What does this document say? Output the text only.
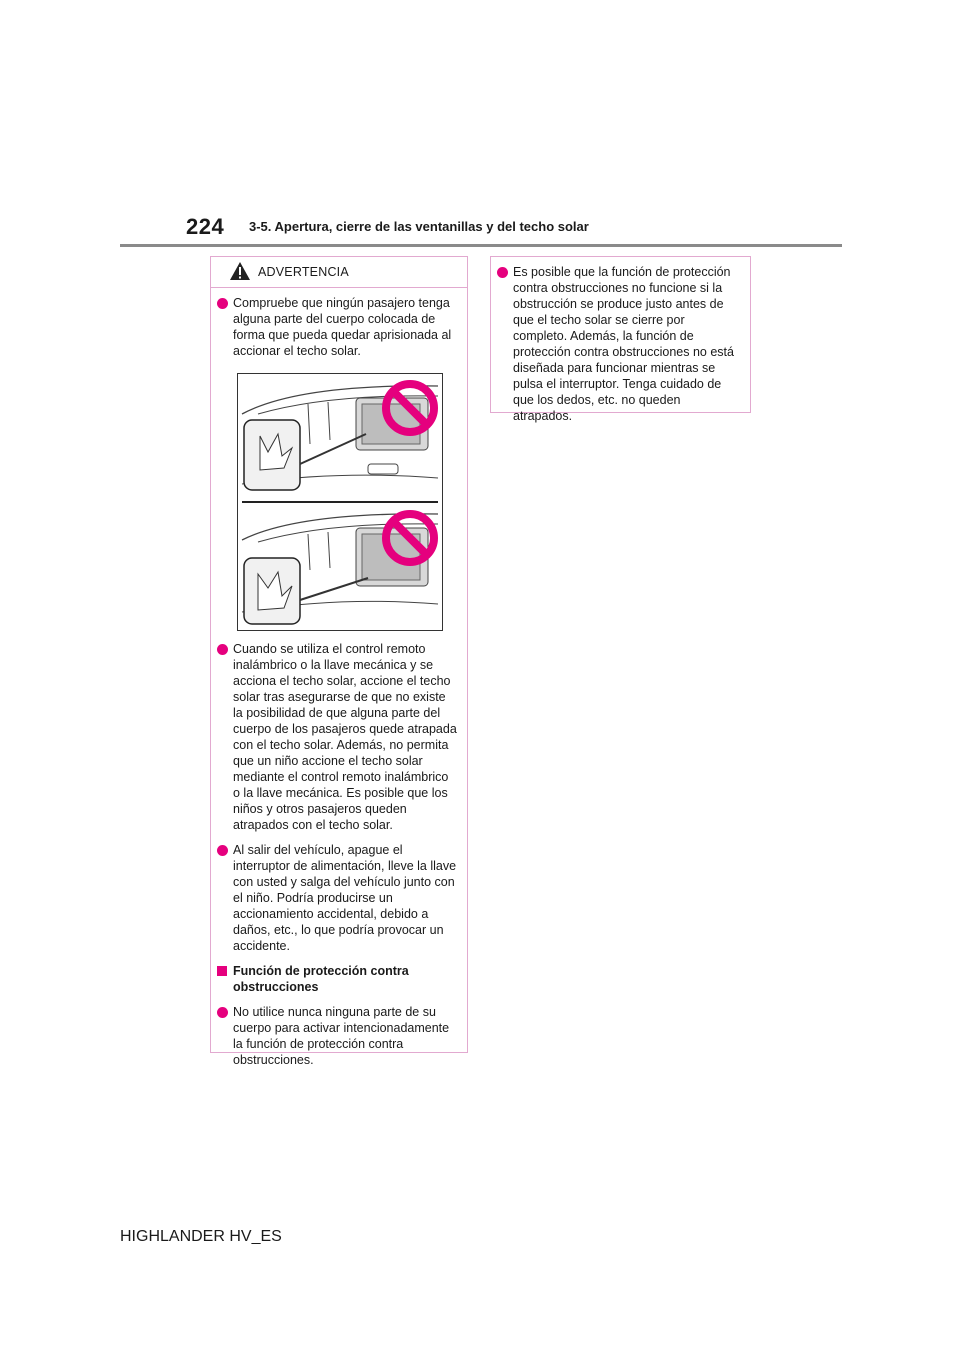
224 3-5. Apertura, cierre de las ventanillas y del techo solar
ADVERTENCIA
Compruebe que ningún pasajero tenga alguna parte del cuerpo colocada de forma que pueda quedar aprisionada al accionar el techo solar.
Cuando se utiliza el control remoto inalámbrico o la llave mecánica y se acciona el techo solar, accione el techo solar tras asegurarse de que no existe la posibilidad de que alguna parte del cuerpo de los pasajeros quede atrapada con el techo solar. Además, no permita que un niño accione el techo solar mediante el control remoto inalámbrico o la llave mecánica. Es posible que los niños y otros pasajeros queden atrapados con el techo solar.
Al salir del vehículo, apague el interruptor de alimentación, lleve la llave con usted y salga del vehículo junto con el niño. Podría producirse un accionamiento accidental, debido a daños, etc., lo que podría provocar un accidente.
Función de protección contra obstrucciones
No utilice nunca ninguna parte de su cuerpo para activar intencionadamente la función de protección contra obstrucciones.
Es posible que la función de protección contra obstrucciones no funcione si la obstrucción se produce justo antes de que el techo solar se cierre por completo. Además, la función de protección contra obstrucciones no está diseñada para funcionar mientras se pulsa el interruptor. Tenga cuidado de que los dedos, etc. no queden atrapados.
HIGHLANDER HV_ES
